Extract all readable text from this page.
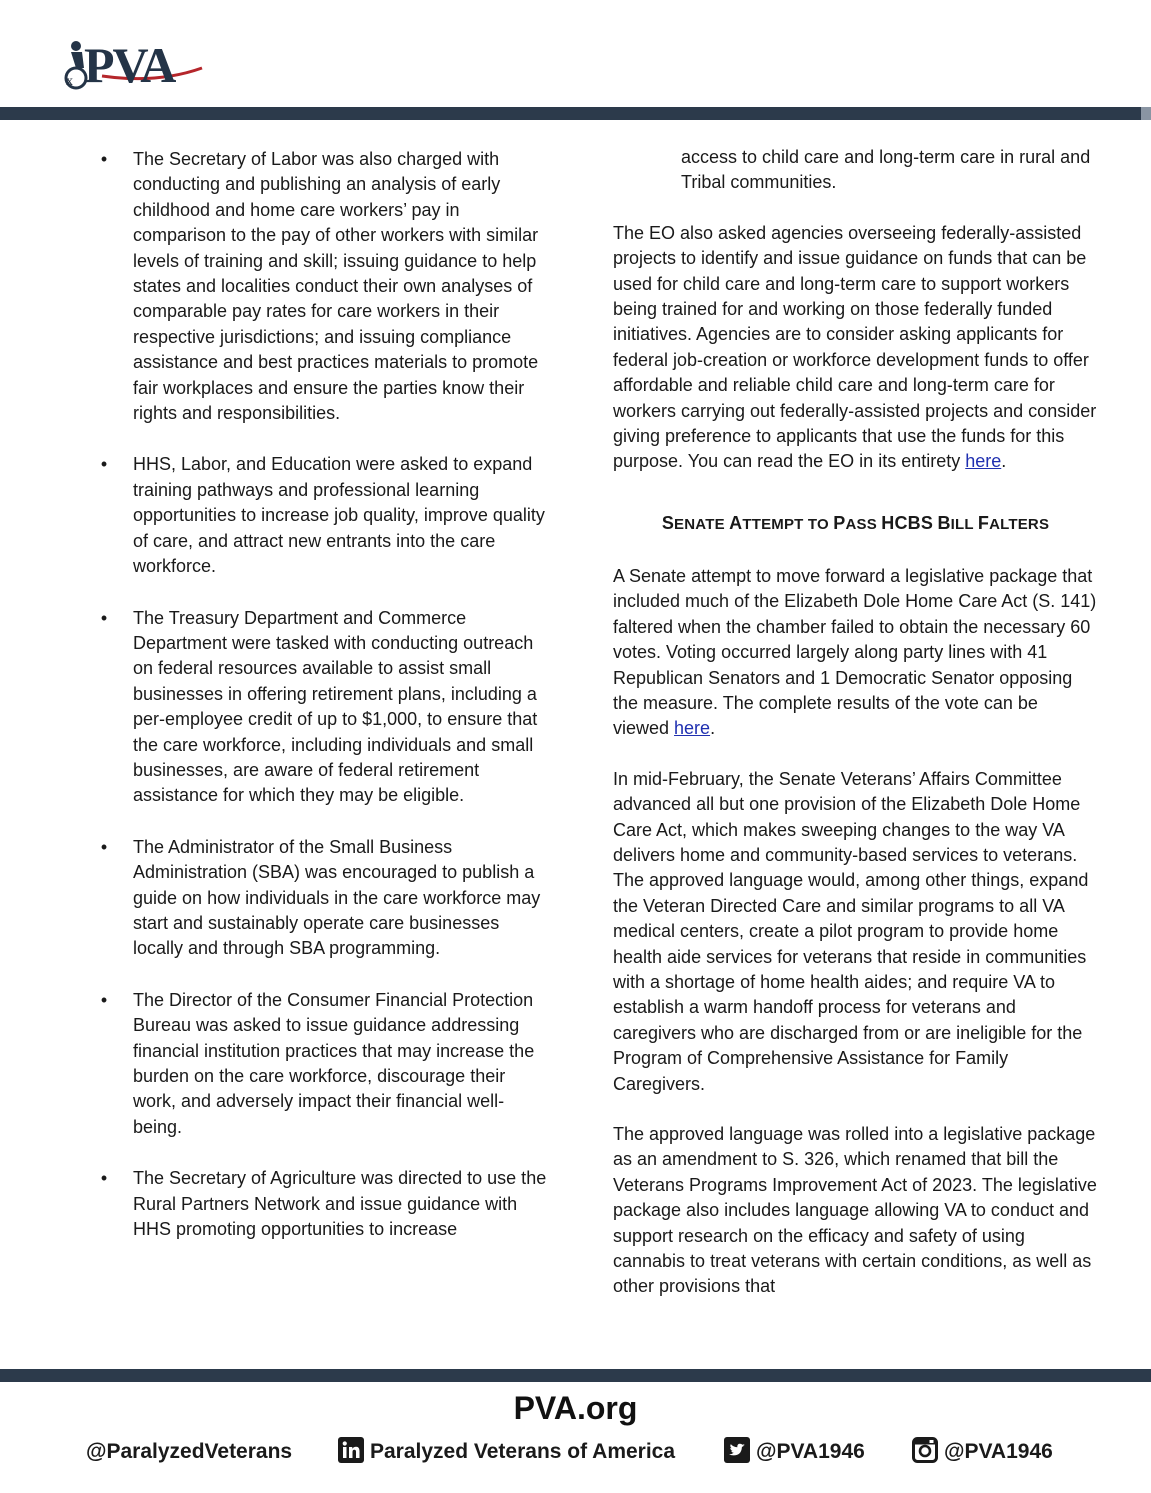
x PVA
• The Secretary of Labor was also charged with conducting and publishing an analysis of early childhood and home care workers’ pay in comparison to the pay of other workers with similar levels of training and skill; issuing guidance to help states and localities conduct their own analyses of comparable pay rates for care workers in their respective jurisdictions; and issuing compliance assistance and best practices materials to promote fair workplaces and ensure the parties know their rights and responsibilities.
• HHS, Labor, and Education were asked to expand training pathways and professional learning opportunities to increase job quality, improve quality of care, and attract new entrants into the care workforce.
• The Treasury Department and Commerce Department were tasked with conducting outreach on federal resources available to assist small businesses in offering retirement plans, including a per-employee credit of up to $1,000, to ensure that the care workforce, including individuals and small businesses, are aware of federal retirement assistance for which they may be eligible.
• The Administrator of the Small Business Administration (SBA) was encouraged to publish a guide on how individuals in the care workforce may start and sustainably operate care businesses locally and through SBA programming.
• The Director of the Consumer Financial Protection Bureau was asked to issue guidance addressing financial institution practices that may increase the burden on the care workforce, discourage their work, and adversely impact their financial well-being.
• The Secretary of Agriculture was directed to use the Rural Partners Network and issue guidance with HHS promoting opportunities to increase
access to child care and long-term care in rural and Tribal communities.

The EO also asked agencies overseeing federally-assisted projects to identify and issue guidance on funds that can be used for child care and long-term care to support workers being trained for and working on those federally funded initiatives. Agencies are to consider asking applicants for federal job-creation or workforce development funds to offer affordable and reliable child care and long-term care for workers carrying out federally-assisted projects and consider giving preference to applicants that use the funds for this purpose. You can read the EO in its entirety here.

SENATE ATTEMPT TO PASS HCBS BILL FALTERS

A Senate attempt to move forward a legislative package that included much of the Elizabeth Dole Home Care Act (S. 141) faltered when the chamber failed to obtain the necessary 60 votes. Voting occurred largely along party lines with 41 Republican Senators and 1 Democratic Senator opposing the measure. The complete results of the vote can be viewed here.

In mid-February, the Senate Veterans’ Affairs Committee advanced all but one provision of the Elizabeth Dole Home Care Act, which makes sweeping changes to the way VA delivers home and community-based services to veterans. The approved language would, among other things, expand the Veteran Directed Care and similar programs to all VA medical centers, create a pilot program to provide home health aide services for veterans that reside in communities with a shortage of home health aides; and require VA to establish a warm handoff process for veterans and caregivers who are discharged from or are ineligible for the Program of Comprehensive Assistance for Family Caregivers.

The approved language was rolled into a legislative package as an amendment to S. 326, which renamed that bill the Veterans Programs Improvement Act of 2023. The legislative package also includes language allowing VA to conduct and support research on the efficacy and safety of using cannabis to treat veterans with certain conditions, as well as other provisions that

PVA.org
@ParalyzedVeterans	Paralyzed Veterans of America	@PVA1946	@PVA1946
